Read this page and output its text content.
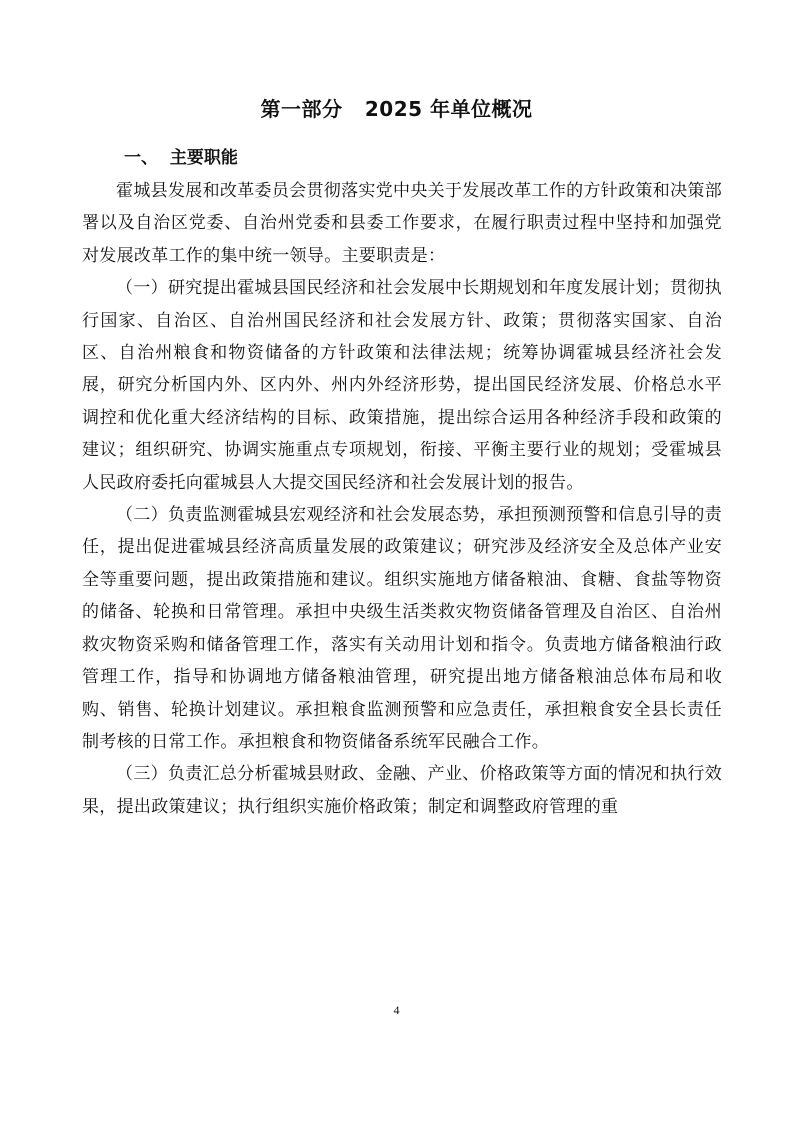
第一部分   2025 年单位概况
一、  主要职能

霍城县发展和改革委员会贯彻落实党中央关于发展改革工作的方针政策和决策部署以及自治区党委、自治州党委和县委工作要求，在履行职责过程中坚持和加强党对发展改革工作的集中统一领导。主要职责是：

（一）研究提出霍城县国民经济和社会发展中长期规划和年度发展计划；贯彻执行国家、自治区、自治州国民经济和社会发展方针、政策；贯彻落实国家、自治区、自治州粮食和物资储备的方针政策和法律法规；统筹协调霍城县经济社会发展，研究分析国内外、区内外、州内外经济形势，提出国民经济发展、价格总水平调控和优化重大经济结构的目标、政策措施，提出综合运用各种经济手段和政策的建议；组织研究、协调实施重点专项规划，衔接、平衡主要行业的规划；受霍城县人民政府委托向霍城县人大提交国民经济和社会发展计划的报告。

（二）负责监测霍城县宏观经济和社会发展态势，承担预测预警和信息引导的责任，提出促进霍城县经济高质量发展的政策建议；研究涉及经济安全及总体产业安全等重要问题，提出政策措施和建议。组织实施地方储备粮油、食糖、食盐等物资的储备、轮换和日常管理。承担中央级生活类救灾物资储备管理及自治区、自治州救灾物资采购和储备管理工作，落实有关动用计划和指令。负责地方储备粮油行政管理工作，指导和协调地方储备粮油管理，研究提出地方储备粮油总体布局和收购、销售、轮换计划建议。承担粮食监测预警和应急责任，承担粮食安全县长责任制考核的日常工作。承担粮食和物资储备系统军民融合工作。

（三）负责汇总分析霍城县财政、金融、产业、价格政策等方面的情况和执行效果，提出政策建议；执行组织实施价格政策；制定和调整政府管理的重

4
